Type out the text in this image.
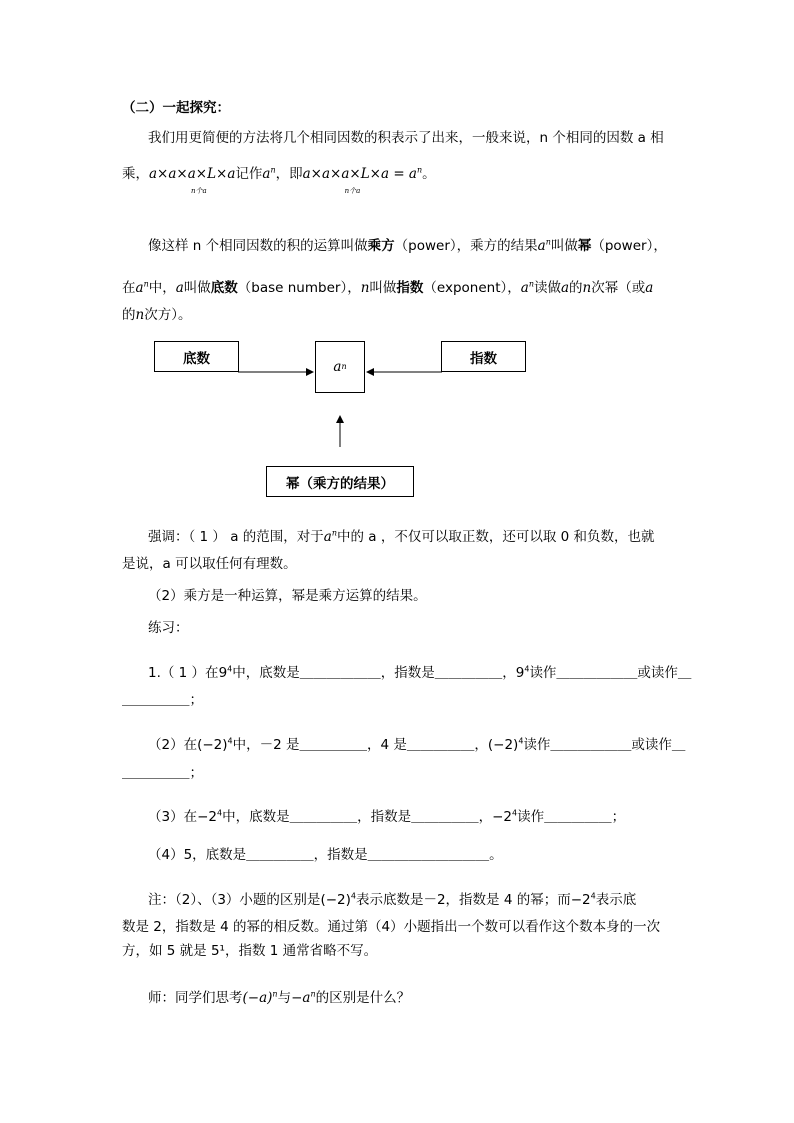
（二）一起探究：
我们用更简便的方法将几个相同因数的积表示了出来，一般来说，n 个相同的因数 a 相
乘，a×a×a×L×a
n个a
记作$a^n$，即a×a×a×L×a
n个a
= $a^n$。
像这样 n 个相同因数的积的运算叫做乘方（power），乘方的结果$a^n$叫做幂（power），
在$a^n$中，a叫做底数（base number），n叫做指数（exponent），$a^n$读做a的n次幂（或a
的n次方）。
底数
a n	指数
幂（乘方的结果）
强调：（ 1 ） a 的范围，对于$a^n$中的 a ，不仅可以取正数，还可以取 0 和负数，也就
是说，a 可以取任何有理数。
（2）乘方是一种运算，幂是乘方运算的结果。
练习：
1.（ 1 ）在$9^4$中，底数是＿＿＿＿＿＿，指数是＿＿＿＿＿，$9^4$读作＿＿＿＿＿＿或读作＿
＿＿＿＿＿；
（2）在$(-2)^4$中，－2 是＿＿＿＿＿，4 是＿＿＿＿＿，$(-2)^4$读作＿＿＿＿＿＿或读作＿
＿＿＿＿＿；
（3）在$-2^4$中，底数是＿＿＿＿＿，指数是＿＿＿＿＿，$-2^4$读作＿＿＿＿＿；
（4）5，底数是＿＿＿＿＿，指数是＿＿＿＿＿＿＿＿＿。
注：（2）、（3）小题的区别是$(-2)^4$表示底数是－2，指数是 4 的幂；而$-2^4$表示底
数是 2，指数是 4 的幂的相反数。通过第（4）小题指出一个数可以看作这个数本身的一次
方，如 5 就是 5¹，指数 1 通常省略不写。
师：同学们思考$(-a)^n$与$-a^n$的区别是什么？
